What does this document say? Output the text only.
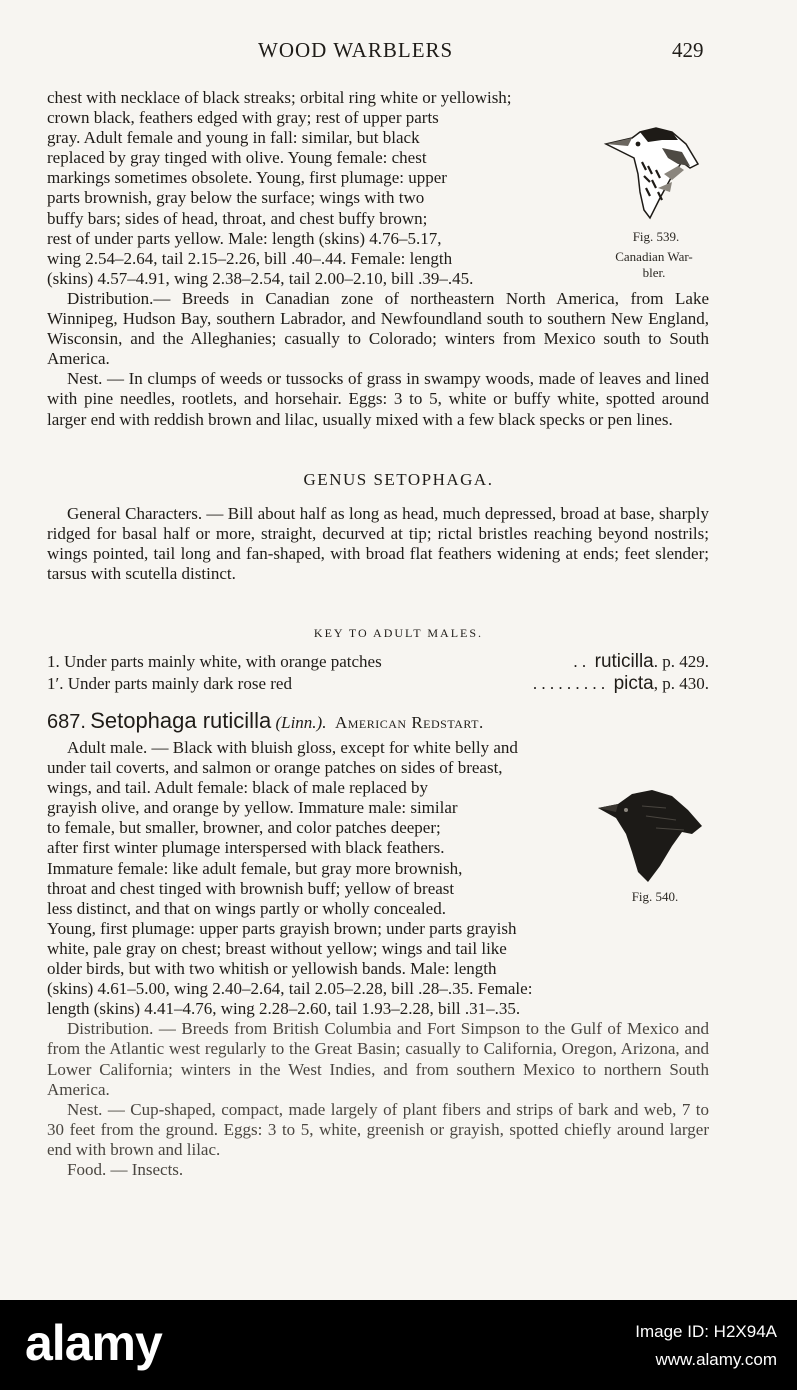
WOOD WARBLERS	429

chest with necklace of black streaks; orbital ring white or yellowish;

crown black, feathers edged with gray; rest of upper parts

gray. Adult female and young in fall: similar, but black

replaced by gray tinged with olive. Young female: chest

markings sometimes obsolete. Young, first plumage: upper

parts brownish, gray below the surface; wings with two

buffy bars; sides of head, throat, and chest buffy brown;

rest of under parts yellow. Male: length (skins) 4.76–5.17,

wing 2.54–2.64, tail 2.15–2.26, bill .40–.44. Female: length

(skins) 4.57–4.91, wing 2.38–2.54, tail 2.00–2.10, bill .39–.45.

Distribution.— Breeds in Canadian zone of northeastern North America, from Lake Winnipeg, Hudson Bay, southern Labrador, and Newfoundland south to southern New England, Wisconsin, and the Alleghanies; casually to Colorado; winters from Mexico south to South America.

Nest. — In clumps of weeds or tussocks of grass in swampy woods, made of leaves and lined with pine needles, rootlets, and horsehair. Eggs: 3 to 5, white or buffy white, spotted around larger end with reddish brown and lilac, usually mixed with a few black specks or pen lines.

Fig. 539.
Canadian War-
bler.
GENUS SETOPHAGA.

General Characters. — Bill about half as long as head, much depressed, broad at base, sharply ridged for basal half or more, straight, decurved at tip; rictal bristles reaching beyond nostrils; wings pointed, tail long and fan-shaped, with broad flat feathers widening at ends; feet slender; tarsus with scutella distinct.

KEY TO ADULT MALES.
1. Under parts mainly white, with orange patches	. . ruticilla. p. 429.
1′. Under parts mainly dark rose red	. . . . . . . . . picta, p. 430.
687. Setophaga ruticilla (Linn.). American Redstart.

Adult male. — Black with bluish gloss, except for white belly and

under tail coverts, and salmon or orange patches on sides of breast,

wings, and tail. Adult female: black of male replaced by

grayish olive, and orange by yellow. Immature male: similar

to female, but smaller, browner, and color patches deeper;

after first winter plumage interspersed with black feathers.

Immature female: like adult female, but gray more brownish,

throat and chest tinged with brownish buff; yellow of breast

less distinct, and that on wings partly or wholly concealed.

Young, first plumage: upper parts grayish brown; under parts grayish

white, pale gray on chest; breast without yellow; wings and tail like

older birds, but with two whitish or yellowish bands. Male: length

(skins) 4.61–5.00, wing 2.40–2.64, tail 2.05–2.28, bill .28–.35. Female:

length (skins) 4.41–4.76, wing 2.28–2.60, tail 1.93–2.28, bill .31–.35.

Distribution. — Breeds from British Columbia and Fort Simpson to the Gulf of Mexico and from the Atlantic west regularly to the Great Basin; casually to California, Oregon, Arizona, and Lower California; winters in the West Indies, and from southern Mexico to northern South America.

Nest. — Cup-shaped, compact, made largely of plant fibers and strips of bark and web, 7 to 30 feet from the ground. Eggs: 3 to 5, white, greenish or grayish, spotted chiefly around larger end with brown and lilac.

Food. — Insects.

Fig. 540.
alamy	Image ID: H2X94A
www.alamy.com
